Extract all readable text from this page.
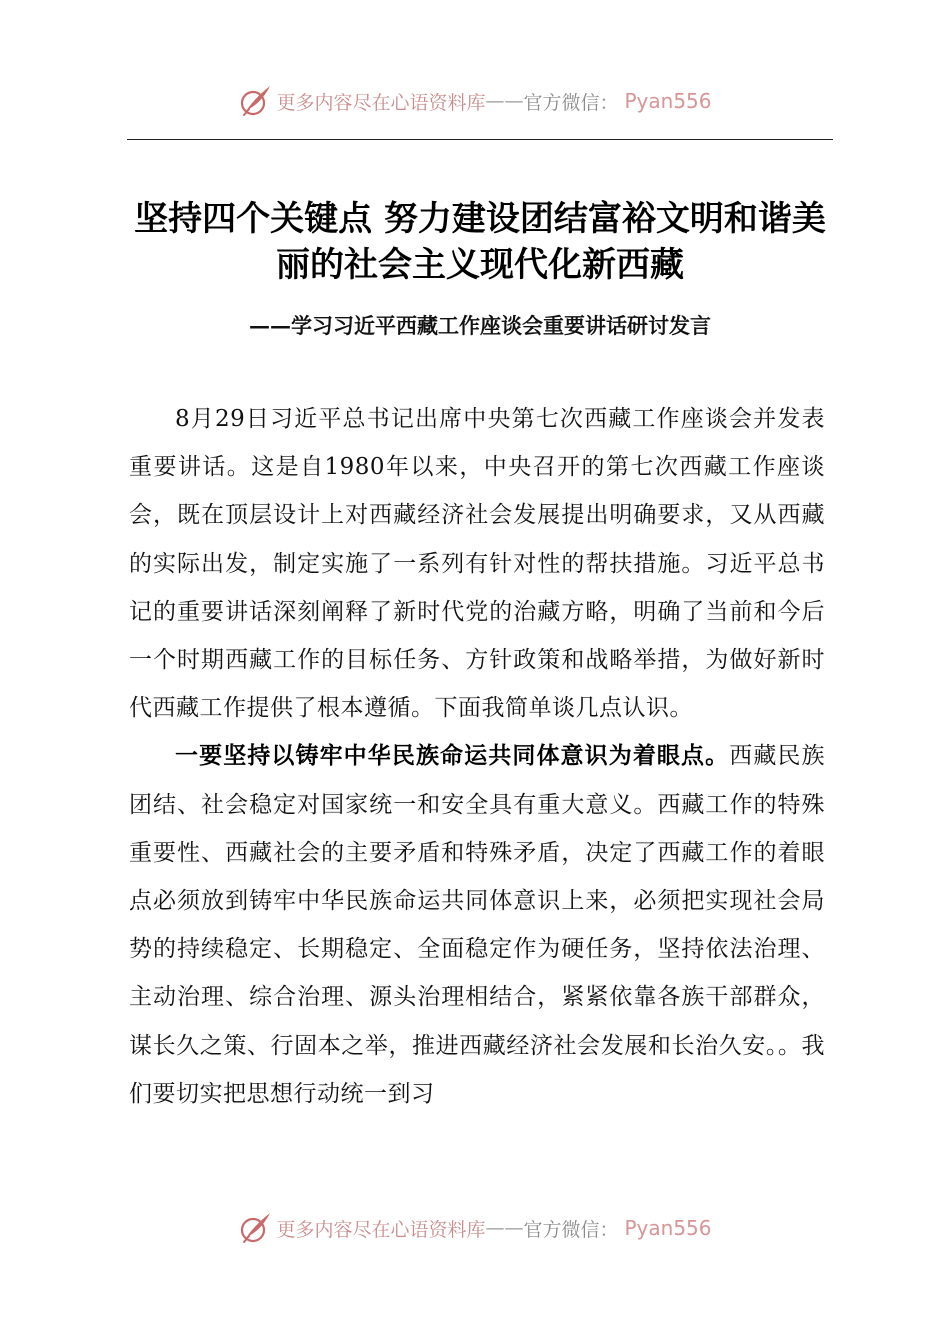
更多内容尽在心语资料库 —— 官方微信： Pyan556
坚持四个关键点 努力建设团结富裕文明和谐美丽的社会主义现代化新西藏
——学习习近平西藏工作座谈会重要讲话研讨发言

8月29日习近平总书记出席中央第七次西藏工作座谈会并发表重要讲话。这是自1980年以来，中央召开的第七次西藏工作座谈会，既在顶层设计上对西藏经济社会发展提出明确要求，又从西藏的实际出发，制定实施了一系列有针对性的帮扶措施。习近平总书记的重要讲话深刻阐释了新时代党的治藏方略，明确了当前和今后一个时期西藏工作的目标任务、方针政策和战略举措，为做好新时代西藏工作提供了根本遵循。下面我简单谈几点认识。

一要坚持以铸牢中华民族命运共同体意识为着眼点。西藏民族团结、社会稳定对国家统一和安全具有重大意义。西藏工作的特殊重要性、西藏社会的主要矛盾和特殊矛盾，决定了西藏工作的着眼点必须放到铸牢中华民族命运共同体意识上来，必须把实现社会局势的持续稳定、长期稳定、全面稳定作为硬任务，坚持依法治理、主动治理、综合治理、源头治理相结合，紧紧依靠各族干部群众，谋长久之策、行固本之举，推进西藏经济社会发展和长治久安。。我们要切实把思想行动统一到习

更多内容尽在心语资料库 —— 官方微信： Pyan556
